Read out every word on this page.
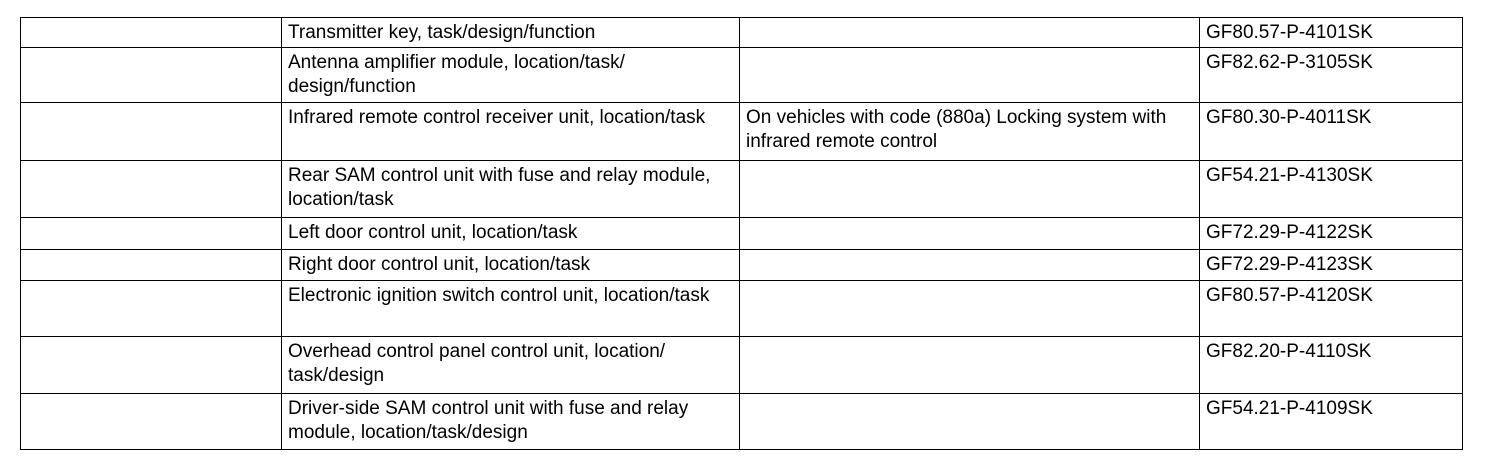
	Transmitter key, task/design/function		GF80.57-P-4101SK
	Antenna amplifier module, location/task/ design/function		GF82.62-P-3105SK
	Infrared remote control receiver unit, location/task	On vehicles with code (880a) Locking system with infrared remote control	GF80.30-P-4011SK
	Rear SAM control unit with fuse and relay module, location/task		GF54.21-P-4130SK
	Left door control unit, location/task		GF72.29-P-4122SK
	Right door control unit, location/task		GF72.29-P-4123SK
	Electronic ignition switch control unit, location/task		GF80.57-P-4120SK
	Overhead control panel control unit, location/ task/design		GF82.20-P-4110SK
	Driver-side SAM control unit with fuse and relay module, location/task/design		GF54.21-P-4109SK
